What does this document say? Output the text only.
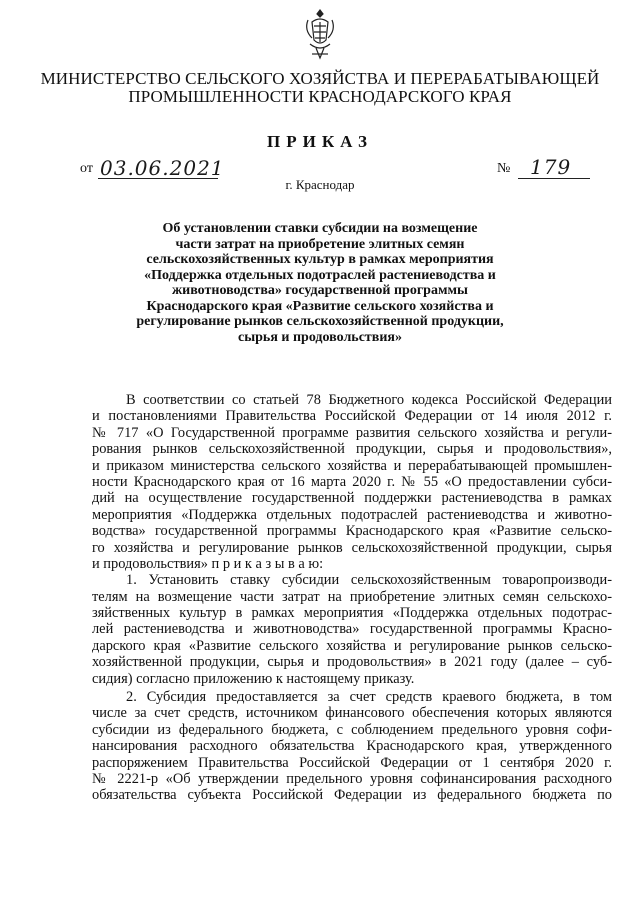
МИНИСТЕРСТВО СЕЛЬСКОГО ХОЗЯЙСТВА И ПЕРЕРАБАТЫВАЮЩЕЙ
ПРОМЫШЛЕННОСТИ КРАСНОДАРСКОГО КРАЯ
ПРИКАЗ
от 03.06.2021	№ 179
г. Краснодар
Об установлении ставки субсидии на возмещение
части затрат на приобретение элитных семян
сельскохозяйственных культур в рамках мероприятия
«Поддержка отдельных подотраслей растениеводства и
животноводства» государственной программы
Краснодарского края «Развитие сельского хозяйства и
регулирование рынков сельскохозяйственной продукции,
сырья и продовольствия»
В соответствии со статьей 78 Бюджетного кодекса Российской Федерации
и постановлениями Правительства Российской Федерации от 14 июля 2012 г.
№ 717 «О Государственной программе развития сельского хозяйства и регули-
рования рынков сельскохозяйственной продукции, сырья и продовольствия»,
и приказом министерства сельского хозяйства и перерабатывающей промышлен-
ности Краснодарского края от 16 марта 2020 г. № 55 «О предоставлении субси-
дий на осуществление государственной поддержки растениеводства в рамках
мероприятия «Поддержка отдельных подотраслей растениеводства и животно-
водства» государственной программы Краснодарского края «Развитие сельско-
го хозяйства и регулирование рынков сельскохозяйственной продукции, сырья
и продовольствия» п р и к а з ы в а ю:
1. Установить ставку субсидии сельскохозяйственным товаропроизводи-
телям на возмещение части затрат на приобретение элитных семян сельскохо-
зяйственных культур в рамках мероприятия «Поддержка отдельных подотрас-
лей растениеводства и животноводства» государственной программы Красно-
дарского края «Развитие сельского хозяйства и регулирование рынков сельско-
хозяйственной продукции, сырья и продовольствия» в 2021 году (далее – суб-
сидия) согласно приложению к настоящему приказу.
2. Субсидия предоставляется за счет средств краевого бюджета, в том
числе за счет средств, источником финансового обеспечения которых являются
субсидии из федерального бюджета, с соблюдением предельного уровня софи-
нансирования расходного обязательства Краснодарского края, утвержденного
распоряжением Правительства Российской Федерации от 1 сентября 2020 г.
№ 2221-р «Об утверждении предельного уровня софинансирования расходного
обязательства субъекта Российской Федерации из федерального бюджета по
